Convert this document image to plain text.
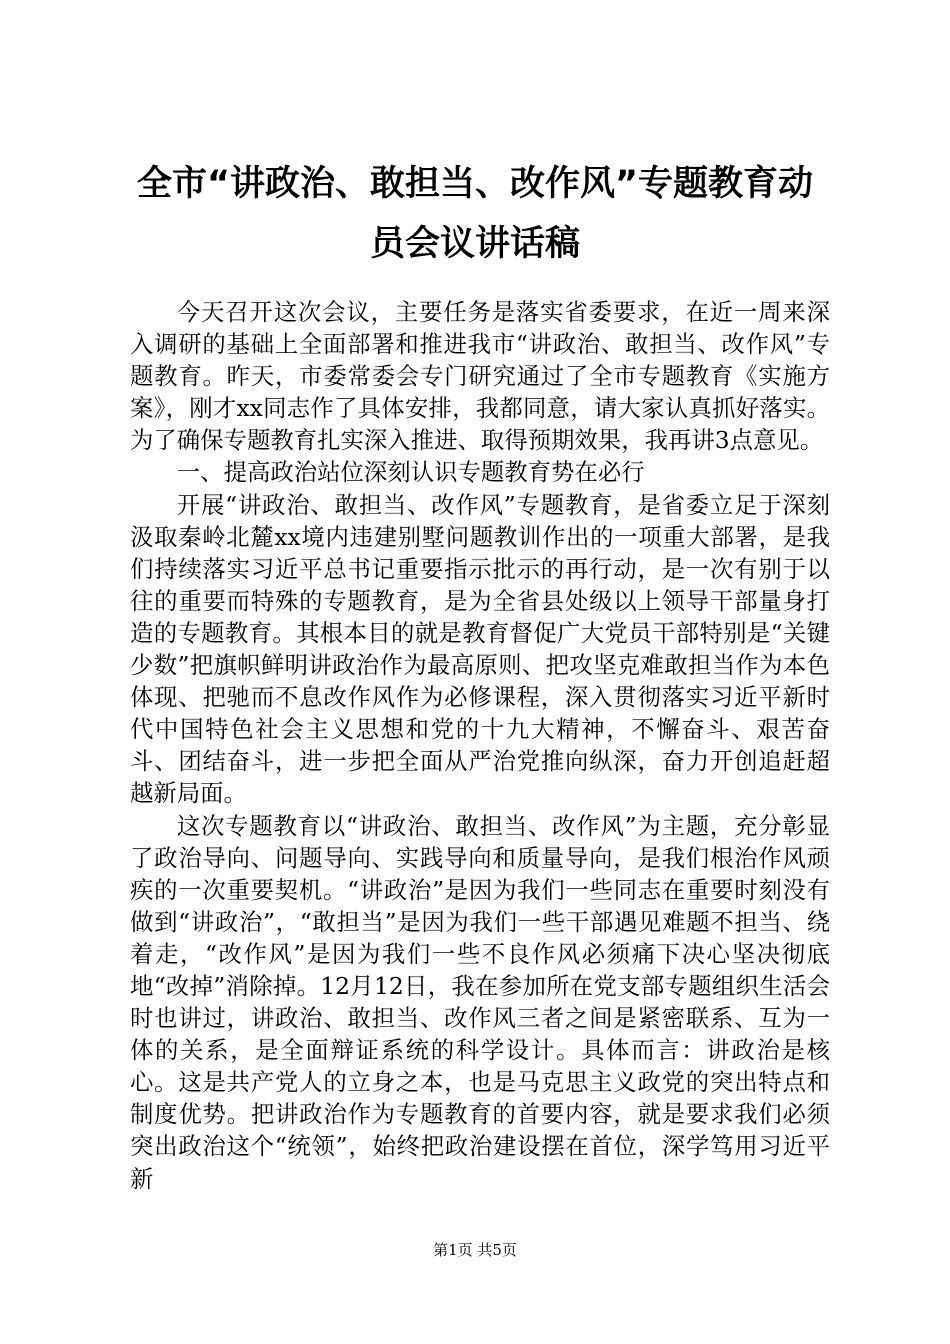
全市“讲政治、敢担当、改作风”专题教育动
员会议讲话稿

今天召开这次会议，主要任务是落实省委要求，在近一周来深入调研的基础上全面部署和推进我市“讲政治、敢担当、改作风”专题教育。昨天，市委常委会专门研究通过了全市专题教育《实施方案》，刚才xx同志作了具体安排，我都同意，请大家认真抓好落实。为了确保专题教育扎实深入推进、取得预期效果，我再讲3点意见。

一、提高政治站位深刻认识专题教育势在必行

开展“讲政治、敢担当、改作风”专题教育，是省委立足于深刻汲取秦岭北麓xx境内违建别墅问题教训作出的一项重大部署，是我们持续落实习近平总书记重要指示批示的再行动，是一次有别于以往的重要而特殊的专题教育，是为全省县处级以上领导干部量身打造的专题教育。其根本目的就是教育督促广大党员干部特别是“关键少数”把旗帜鲜明讲政治作为最高原则、把攻坚克难敢担当作为本色体现、把驰而不息改作风作为必修课程，深入贯彻落实习近平新时代中国特色社会主义思想和党的十九大精神，不懈奋斗、艰苦奋斗、团结奋斗，进一步把全面从严治党推向纵深，奋力开创追赶超越新局面。

这次专题教育以“讲政治、敢担当、改作风”为主题，充分彰显了政治导向、问题导向、实践导向和质量导向，是我们根治作风顽疾的一次重要契机。“讲政治”是因为我们一些同志在重要时刻没有做到“讲政治”，“敢担当”是因为我们一些干部遇见难题不担当、绕着走，“改作风”是因为我们一些不良作风必须痛下决心坚决彻底地“改掉”消除掉。12月12日，我在参加所在党支部专题组织生活会时也讲过，讲政治、敢担当、改作风三者之间是紧密联系、互为一体的关系，是全面辩证系统的科学设计。具体而言：讲政治是核心。这是共产党人的立身之本，也是马克思主义政党的突出特点和制度优势。把讲政治作为专题教育的首要内容，就是要求我们必须突出政治这个“统领”，始终把政治建设摆在首位，深学笃用习近平新

第1页 共5页
